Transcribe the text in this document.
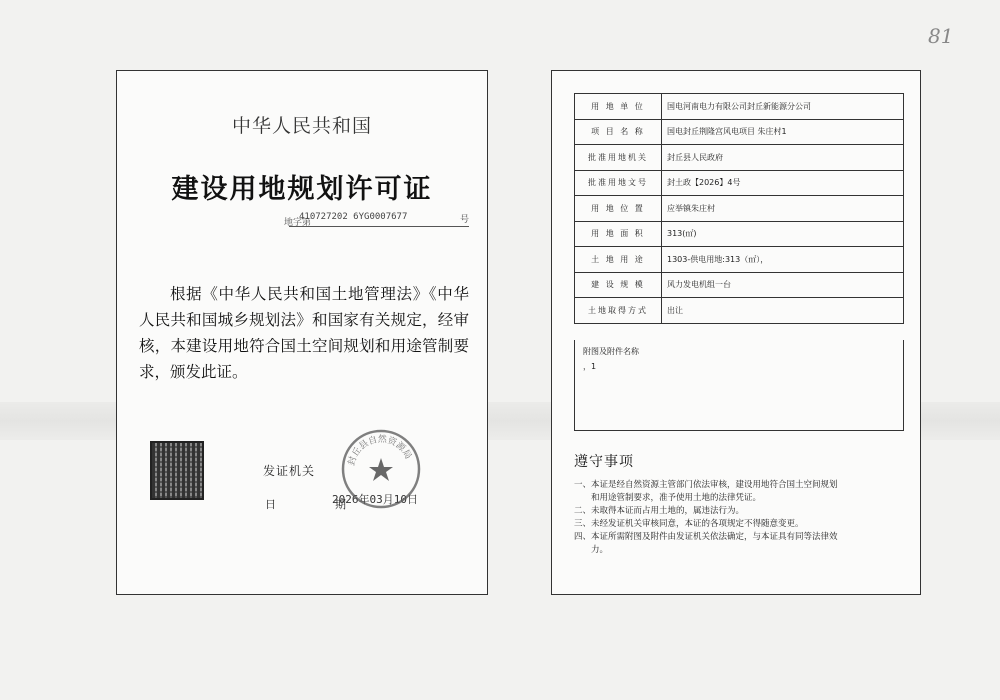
81
中华人民共和国
建设用地规划许可证
地字第
410727202 6YG0007677	号
根据《中华人民共和国土地管理法》《中华人民共和国城乡规划法》和国家有关规定，经审核，本建设用地符合国土空间规划和用途管制要求，颁发此证。
发证机关
日　期
2026年03月10日
封丘县自然资源局
用 地 单 位	国电河南电力有限公司封丘新能源分公司
项 目 名 称	国电封丘荆隆宫风电项目 朱庄村1
批准用地机关	封丘县人民政府
批准用地文号	封土政【2026】4号
用 地 位 置	应举镇朱庄村
用 地 面 积	313(㎡)
土 地 用 途	1303-供电用地:313（㎡），
建 设 规 模	风力发电机组一台
土地取得方式	出让
附图及附件名称
，1
遵守事项
一、本证是经自然资源主管部门依法审核，建设用地符合国土空间规划
　　和用途管制要求，准予使用土地的法律凭证。
二、未取得本证而占用土地的，属违法行为。
三、未经发证机关审核同意，本证的各项规定不得随意变更。
四、本证所需附图及附件由发证机关依法确定，与本证具有同等法律效
　　力。
